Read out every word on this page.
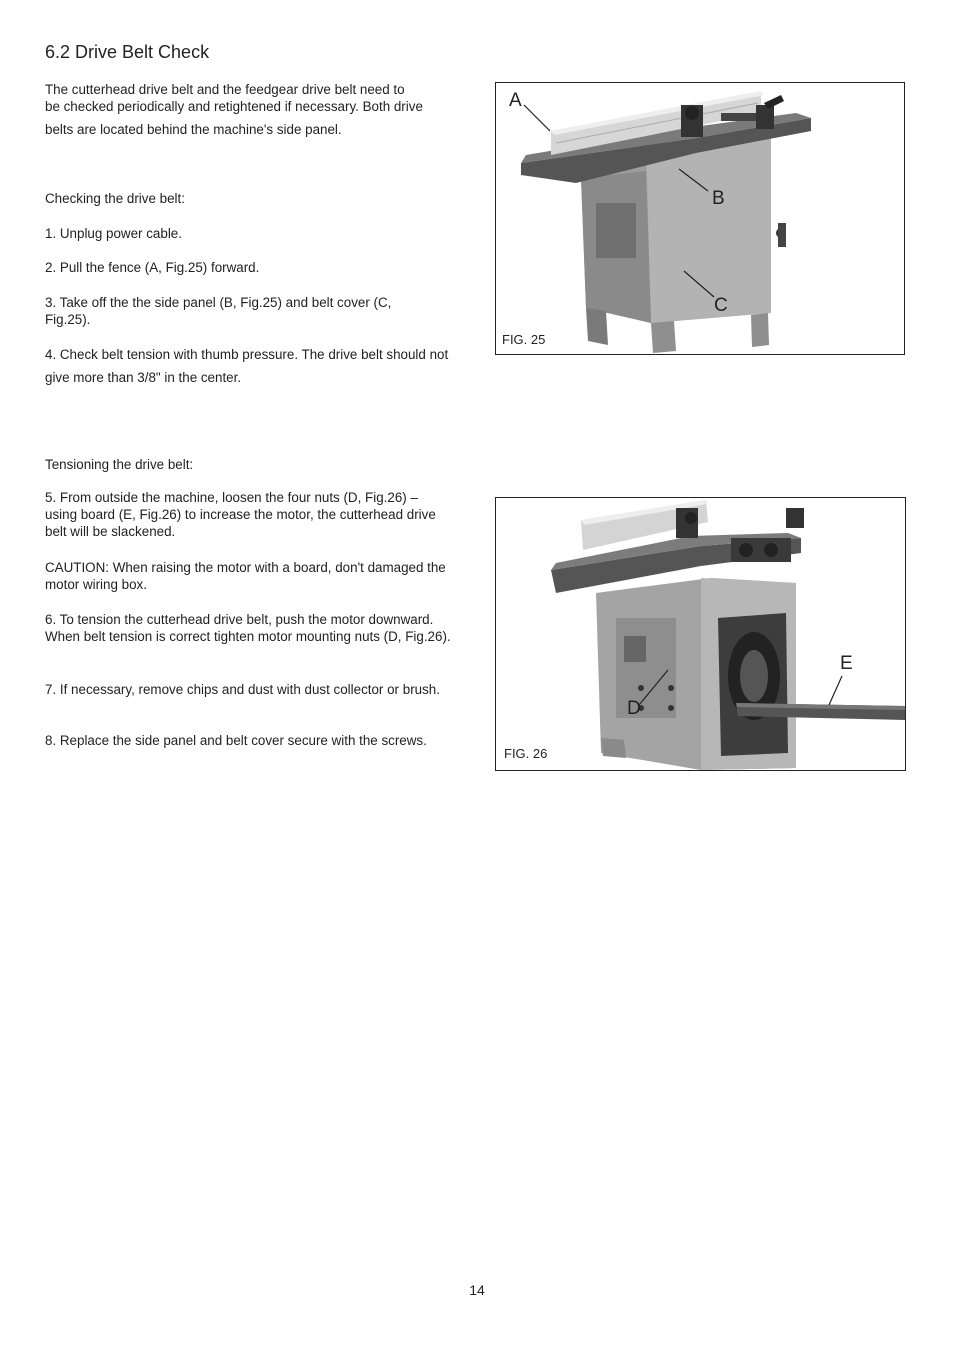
6.2 Drive Belt Check

The cutterhead drive belt and the feedgear drive belt need to
be checked periodically and retightened if necessary. Both drive
belts are located behind the machine's side panel.

Checking the drive belt:

1. Unplug power cable.

2. Pull the fence (A, Fig.25) forward.

3. Take off the the side panel (B, Fig.25) and belt cover (C, Fig.25).

4. Check belt tension with thumb pressure. The drive belt should not give more than 3/8" in the center.

Tensioning the drive belt:

5. From outside the machine, loosen the four nuts (D, Fig.26) – using board (E, Fig.26) to increase the motor, the cutterhead drive belt will be slackened.

CAUTION: When raising the motor with a board, don't damaged the motor wiring box.

6. To tension the cutterhead drive belt, push the motor downward. When belt tension is correct tighten motor mounting nuts (D, Fig.26).

7. If necessary, remove chips and dust with dust collector or brush.

8. Replace the side panel and belt cover secure with the screws.

A
B
C
FIG. 25
D
E
FIG. 26
14
